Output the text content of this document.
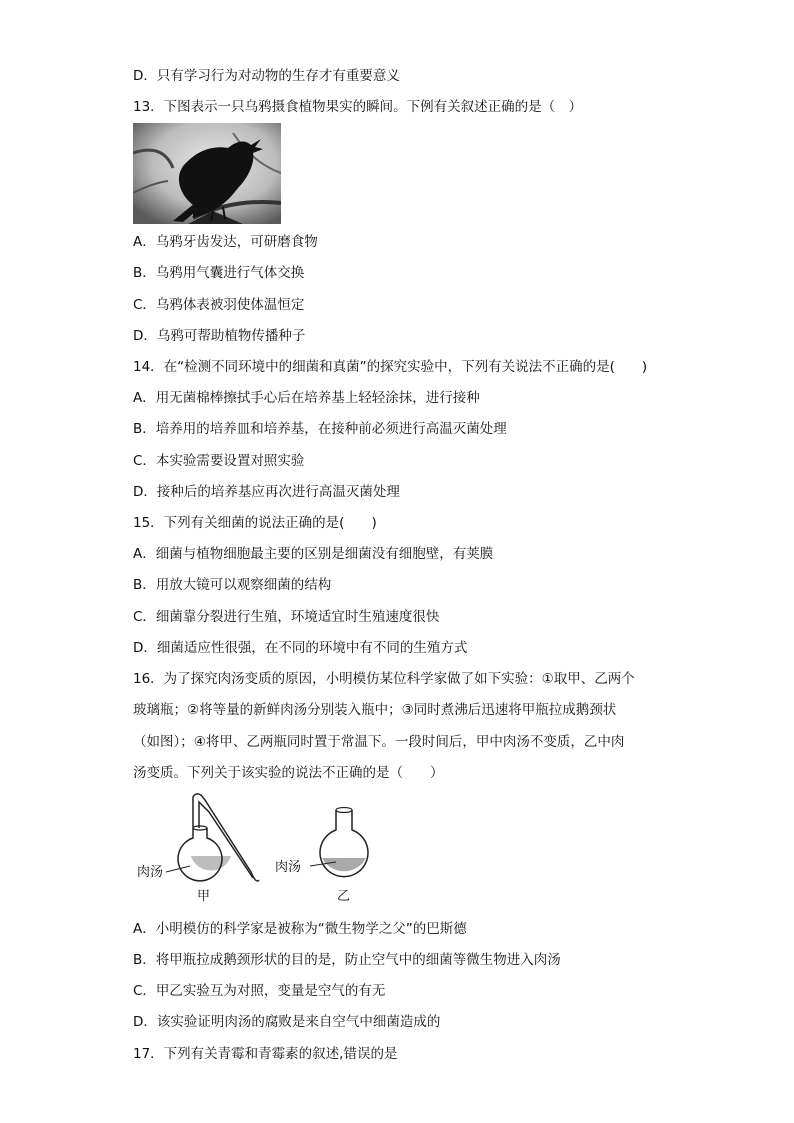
D．只有学习行为对动物的生存才有重要意义
13．下图表示一只乌鸦摄食植物果实的瞬间。下例有关叙述正确的是（　）
A．乌鸦牙齿发达，可研磨食物
B．乌鸦用气囊进行气体交换
C．乌鸦体表被羽使体温恒定
D．乌鸦可帮助植物传播种子
14．在“检测不同环境中的细菌和真菌”的探究实验中，下列有关说法不正确的是(　　)
A．用无菌棉棒擦拭手心后在培养基上轻轻涂抹，进行接种
B．培养用的培养皿和培养基，在接种前必须进行高温灭菌处理
C．本实验需要设置对照实验
D．接种后的培养基应再次进行高温灭菌处理
15．下列有关细菌的说法正确的是(　　)
A．细菌与植物细胞最主要的区别是细菌没有细胞壁，有荚膜
B．用放大镜可以观察细菌的结构
C．细菌靠分裂进行生殖，环境适宜时生殖速度很快
D．细菌适应性很强，在不同的环境中有不同的生殖方式
16．为了探究肉汤变质的原因，小明模仿某位科学家做了如下实验：①取甲、乙两个
玻璃瓶；②将等量的新鲜肉汤分别装入瓶中；③同时煮沸后迅速将甲瓶拉成鹅颈状
（如图）；④将甲、乙两瓶同时置于常温下。一段时间后，甲中肉汤不变质，乙中肉
汤变质。下列关于该实验的说法不正确的是（　　）
肉汤
甲
肉汤
乙
A．小明模仿的科学家是被称为“微生物学之父”的巴斯德
B．将甲瓶拉成鹅颈形状的目的是，防止空气中的细菌等微生物进入肉汤
C．甲乙实验互为对照，变量是空气的有无
D．该实验证明肉汤的腐败是来自空气中细菌造成的
17．下列有关青霉和青霉素的叙述,错误的是
